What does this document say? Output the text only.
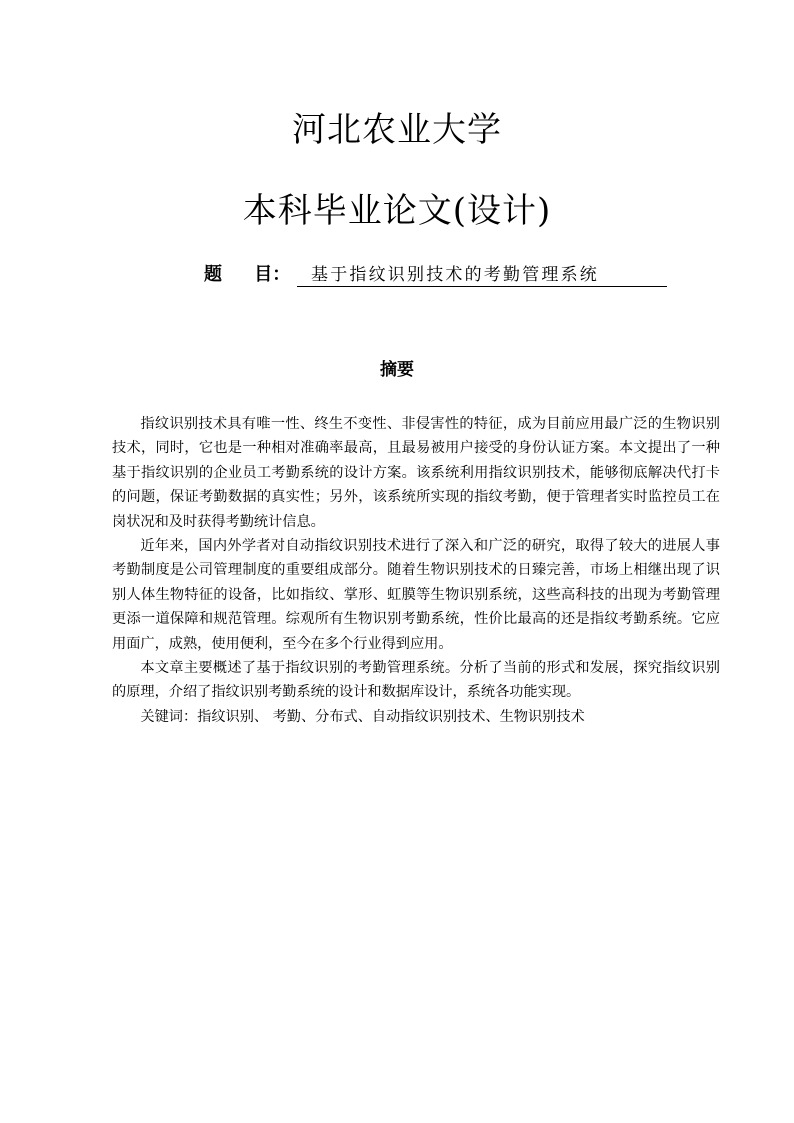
河北农业大学
本科毕业论文(设计)
题 目： 基于指纹识别技术的考勤管理系统
摘要

指纹识别技术具有唯一性、终生不变性、非侵害性的特征，成为目前应用最广泛的生物识别技术，同时，它也是一种相对准确率最高，且最易被用户接受的身份认证方案。本文提出了一种基于指纹识别的企业员工考勤系统的设计方案。该系统利用指纹识别技术，能够彻底解决代打卡的问题，保证考勤数据的真实性；另外，该系统所实现的指纹考勤，便于管理者实时监控员工在岗状况和及时获得考勤统计信息。

近年来，国内外学者对自动指纹识别技术进行了深入和广泛的研究，取得了较大的进展人事考勤制度是公司管理制度的重要组成部分。随着生物识别技术的日臻完善，市场上相继出现了识别人体生物特征的设备，比如指纹、掌形、虹膜等生物识别系统，这些高科技的出现为考勤管理更添一道保障和规范管理。综观所有生物识别考勤系统，性价比最高的还是指纹考勤系统。它应用面广，成熟，使用便利，至今在多个行业得到应用。

本文章主要概述了基于指纹识别的考勤管理系统。分析了当前的形式和发展，探究指纹识别的原理，介绍了指纹识别考勤系统的设计和数据库设计，系统各功能实现。

关键词：指纹识别、 考勤、分布式、自动指纹识别技术、生物识别技术
